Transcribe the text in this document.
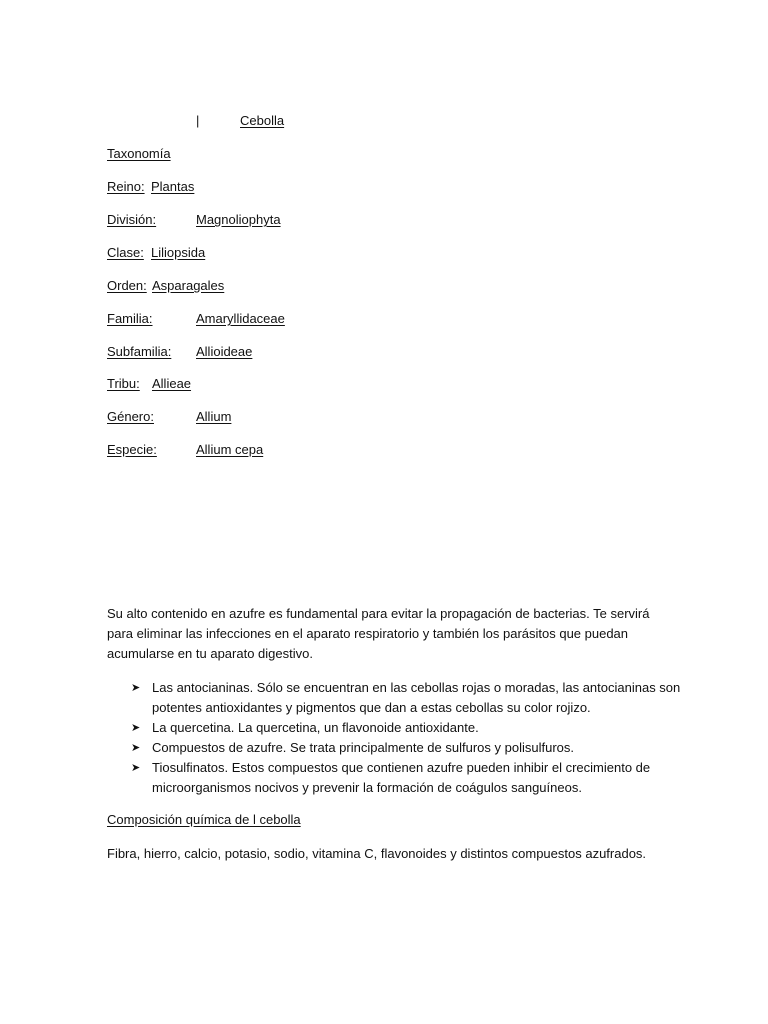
|	Cebolla
Taxonomía
Reino: Plantas
División:	Magnoliophyta
Clase: Liliopsida
Orden: Asparagales
Familia:	Amaryllidaceae
Subfamilia: Allioideae
Tribu: Allieae
Género:	Allium
Especie:	Allium cepa

Su alto contenido en azufre es fundamental para evitar la propagación de bacterias. Te servirá para eliminar las infecciones en el aparato respiratorio y también los parásitos que puedan acumularse en tu aparato digestivo.

➤ Las antocianinas. Sólo se encuentran en las cebollas rojas o moradas, las antocianinas son potentes antioxidantes y pigmentos que dan a estas cebollas su color rojizo.
➤ La quercetina. La quercetina, un flavonoide antioxidante.
➤ Compuestos de azufre. Se trata principalmente de sulfuros y polisulfuros.
➤ Tiosulfinatos. Estos compuestos que contienen azufre pueden inhibir el crecimiento de microorganismos nocivos y prevenir la formación de coágulos sanguíneos.
Composición química de l cebolla
Fibra, hierro, calcio, potasio, sodio, vitamina C, flavonoides y distintos compuestos azufrados.
